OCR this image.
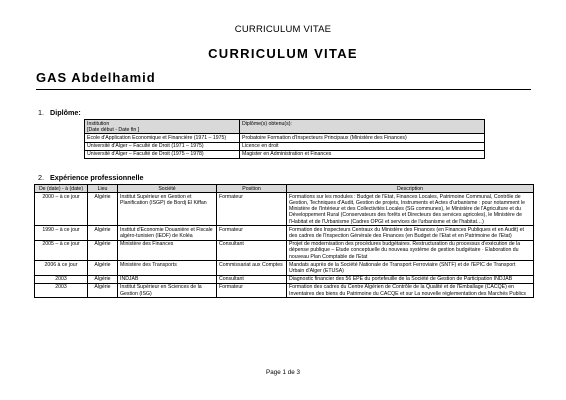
CURRICULUM VITAE
CURRICULUM VITAE
GAS Abdelhamid
1. Diplôme:
Institution
[Date début - Date fin ]	Diplôme(s) obtenu(s):
Ecole d'Application Economique et Financière (1971 – 1975)	Probatoire Formation d'Inspecteurs Principaux (Ministère des Finances)
Université d'Alger – Faculté de Droit (1971 – 1975)	Licence en droit
Université d'Alger – Faculté de Droit (1975 – 1978)	Magister en Administration et Finances
2. Expérience professionnelle
De (date) - à (date)	Lieu	Société	Position	Description
2000 – à ce jour	Algérie	Institut Supérieur en Gestion et Planification (ISGP) de Bordj El Kiffan	Formateur	Formations sur les modules : Budget de l'Etat, Finances Locales, Patrimoine Communal, Contrôle de Gestion, Techniques d'Audit, Gestion de projets, Instruments et Actes d'urbanisme : pour notamment le Ministère de l'Intérieur et des Collectivités Locales (SG communes), le Ministère de l'Agriculture et du Développement Rural (Conservateurs des forêts et Directeurs des services agricoles), le Ministère de l'Habitat et de l'Urbanisme (Cadres OPGI et services de l'urbanisme et de l'habitat…)
1990 – à ce jour	Algérie	Institut d'Economie Douanière et Fiscale algéro-tunisien (IEDF) de Koléa	Formateur	Formation des Inspecteurs Centraux du Ministère des Finances (en Finances Publiques et en Audit) et des cadres de l'Inspection Générale des Finances (en Budget de l'Etat et en Patrimoine de l'Etat)
2005 – à ce jour	Algérie	Ministère des Finances	Consultant	Projet de modernisation des procédures budgétaires. Restructuration du processus d'exécution de la dépense publique – Etude conceptuelle du nouveau système de gestion budgétaire · Elaboration du nouveau Plan Comptable de l'Etat
2006 à ce jour	Algérie	Ministère des Transports	Commissariat aux Comptes	Mandats auprès de la Société Nationale de Transport Ferroviaire (SNTF) et de l'EPIC de Transport Urbain d'Alger (ETUSA)
2003	Algérie	INDJAB	Consultant	Diagnostic financier des 56 EPE du portefeuille de la Société de Gestion de Participation INDJAB
2003	Algérie	Institut Supérieur en Sciences de la Gestion (ISG)	Formateur	Formation des cadres du Centre Algérien de Contrôle de la Qualité et de l'Emballage (CACQE) en Inventaires des biens du Patrimoine du CACQE et sur La nouvelle réglementation des Marchés Publics
Page 1 de 3
